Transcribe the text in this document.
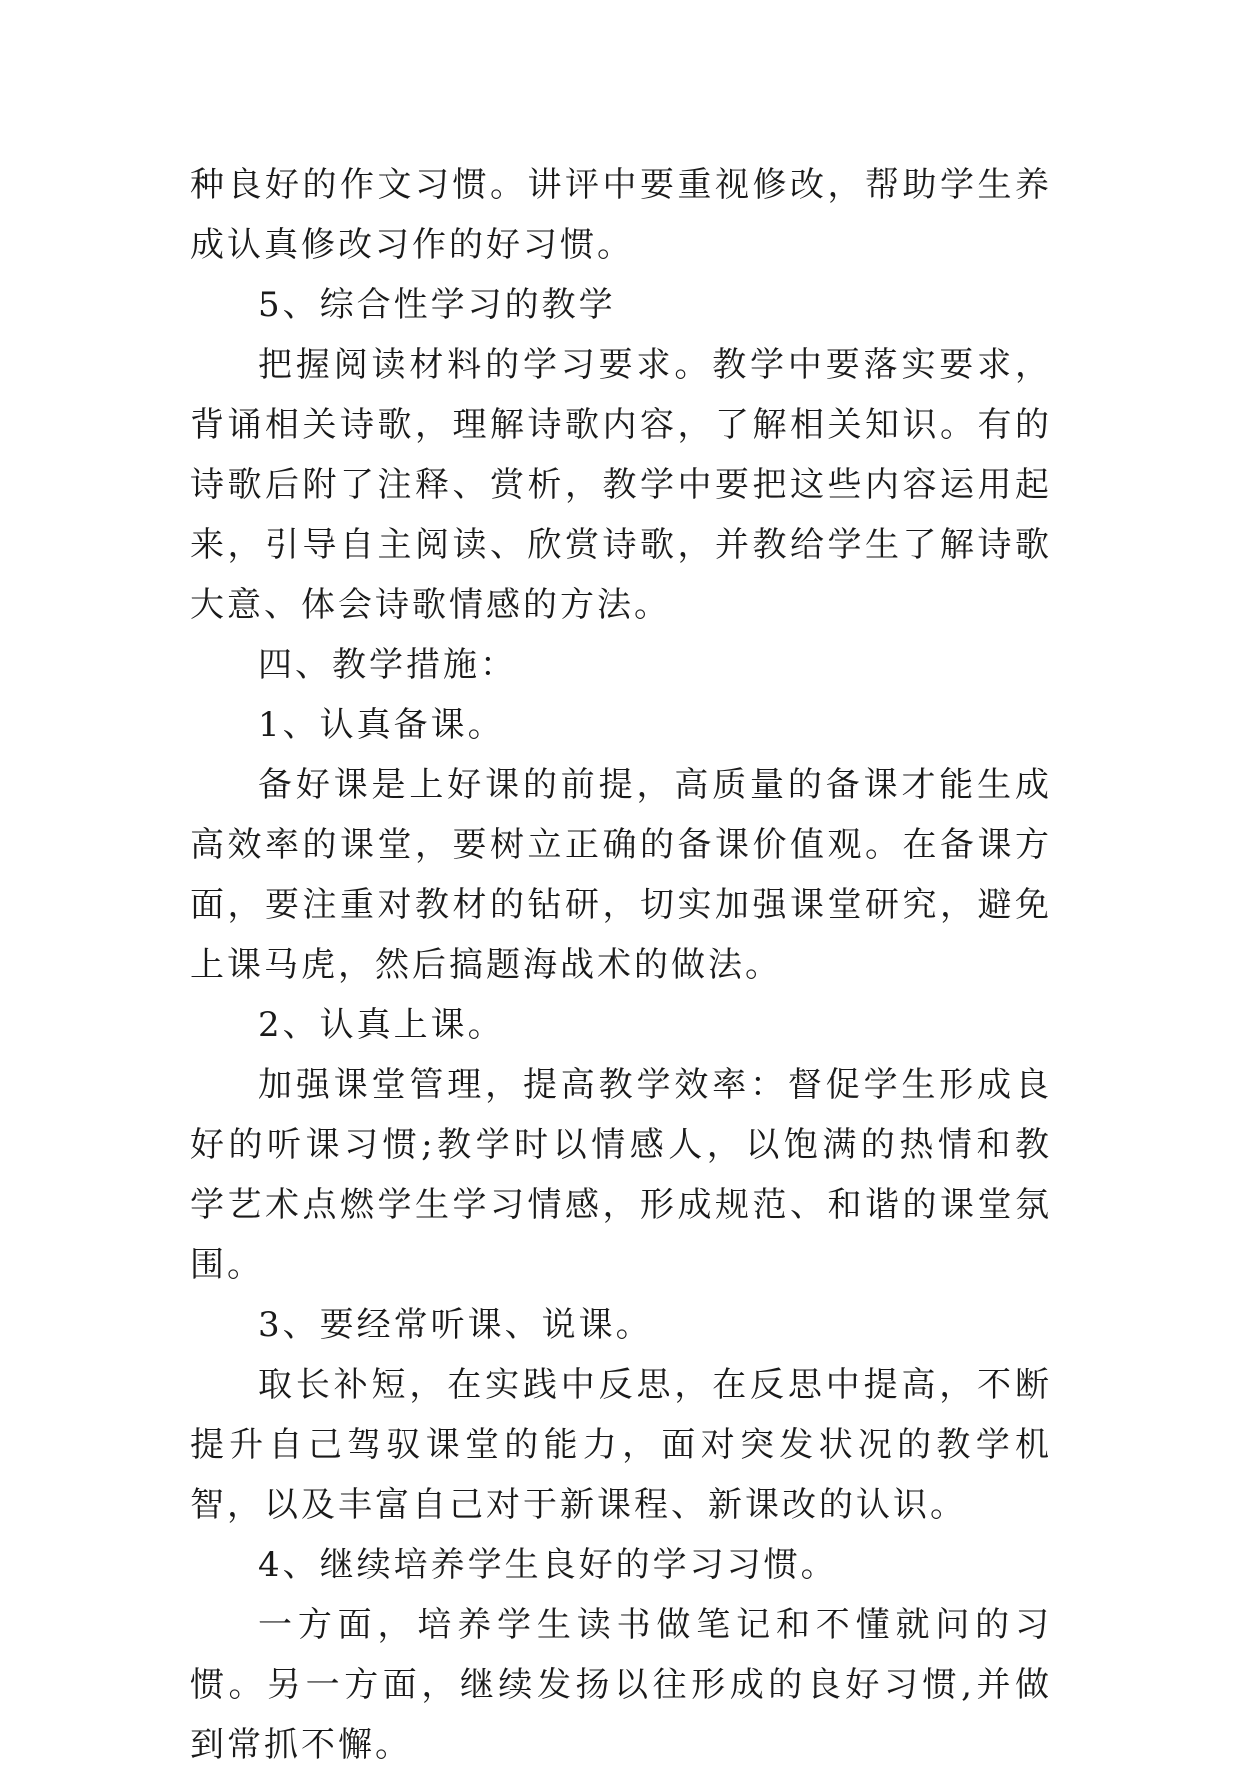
种良好的作文习惯。讲评中要重视修改，帮助学生养成认真修改习作的好习惯。

5、综合性学习的教学

把握阅读材料的学习要求。教学中要落实要求，背诵相关诗歌，理解诗歌内容，了解相关知识。有的诗歌后附了注释、赏析，教学中要把这些内容运用起来，引导自主阅读、欣赏诗歌，并教给学生了解诗歌大意、体会诗歌情感的方法。

四、教学措施：

1、认真备课。

备好课是上好课的前提，高质量的备课才能生成高效率的课堂，要树立正确的备课价值观。在备课方面，要注重对教材的钻研，切实加强课堂研究，避免上课马虎，然后搞题海战术的做法。

2、认真上课。

加强课堂管理，提高教学效率：督促学生形成良好的听课习惯;教学时以情感人，以饱满的热情和教学艺术点燃学生学习情感，形成规范、和谐的课堂氛围。

3、要经常听课、说课。

取长补短，在实践中反思，在反思中提高，不断提升自己驾驭课堂的能力，面对突发状况的教学机智，以及丰富自己对于新课程、新课改的认识。

4、继续培养学生良好的学习习惯。

一方面，培养学生读书做笔记和不懂就问的习惯。另一方面，继续发扬以往形成的良好习惯,并做到常抓不懈。
